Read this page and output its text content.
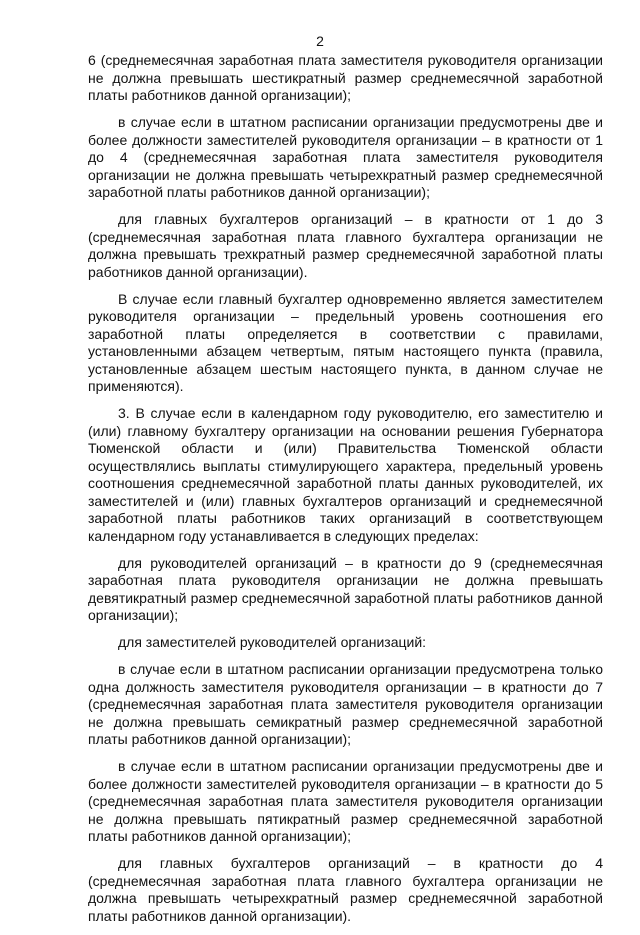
2

6 (среднемесячная заработная плата заместителя руководителя организации не должна превышать шестикратный размер среднемесячной заработной платы работников данной организации);

в случае если в штатном расписании организации предусмотрены две и более должности заместителей руководителя организации – в кратности от 1 до 4 (среднемесячная заработная плата заместителя руководителя организации не должна превышать четырехкратный размер среднемесячной заработной платы работников данной организации);

для главных бухгалтеров организаций – в кратности от 1 до 3 (среднемесячная заработная плата главного бухгалтера организации не должна превышать трехкратный размер среднемесячной заработной платы работников данной организации).

В случае если главный бухгалтер одновременно является заместителем руководителя организации – предельный уровень соотношения его заработной платы определяется в соответствии с правилами, установленными абзацем четвертым, пятым настоящего пункта (правила, установленные абзацем шестым настоящего пункта, в данном случае не применяются).

3. В случае если в календарном году руководителю, его заместителю и (или) главному бухгалтеру организации на основании решения Губернатора Тюменской области и (или) Правительства Тюменской области осуществлялись выплаты стимулирующего характера, предельный уровень соотношения среднемесячной заработной платы данных руководителей, их заместителей и (или) главных бухгалтеров организаций и среднемесячной заработной платы работников таких организаций в соответствующем календарном году устанавливается в следующих пределах:

для руководителей организаций – в кратности до 9 (среднемесячная заработная плата руководителя организации не должна превышать девятикратный размер среднемесячной заработной платы работников данной организации);

для заместителей руководителей организаций:

в случае если в штатном расписании организации предусмотрена только одна должность заместителя руководителя организации – в кратности до 7 (среднемесячная заработная плата заместителя руководителя организации не должна превышать семикратный размер среднемесячной заработной платы работников данной организации);

в случае если в штатном расписании организации предусмотрены две и более должности заместителей руководителя организации – в кратности до 5 (среднемесячная заработная плата заместителя руководителя организации не должна превышать пятикратный размер среднемесячной заработной платы работников данной организации);

для главных бухгалтеров организаций – в кратности до 4 (среднемесячная заработная плата главного бухгалтера организации не должна превышать четырехкратный размер среднемесячной заработной платы работников данной организации).
